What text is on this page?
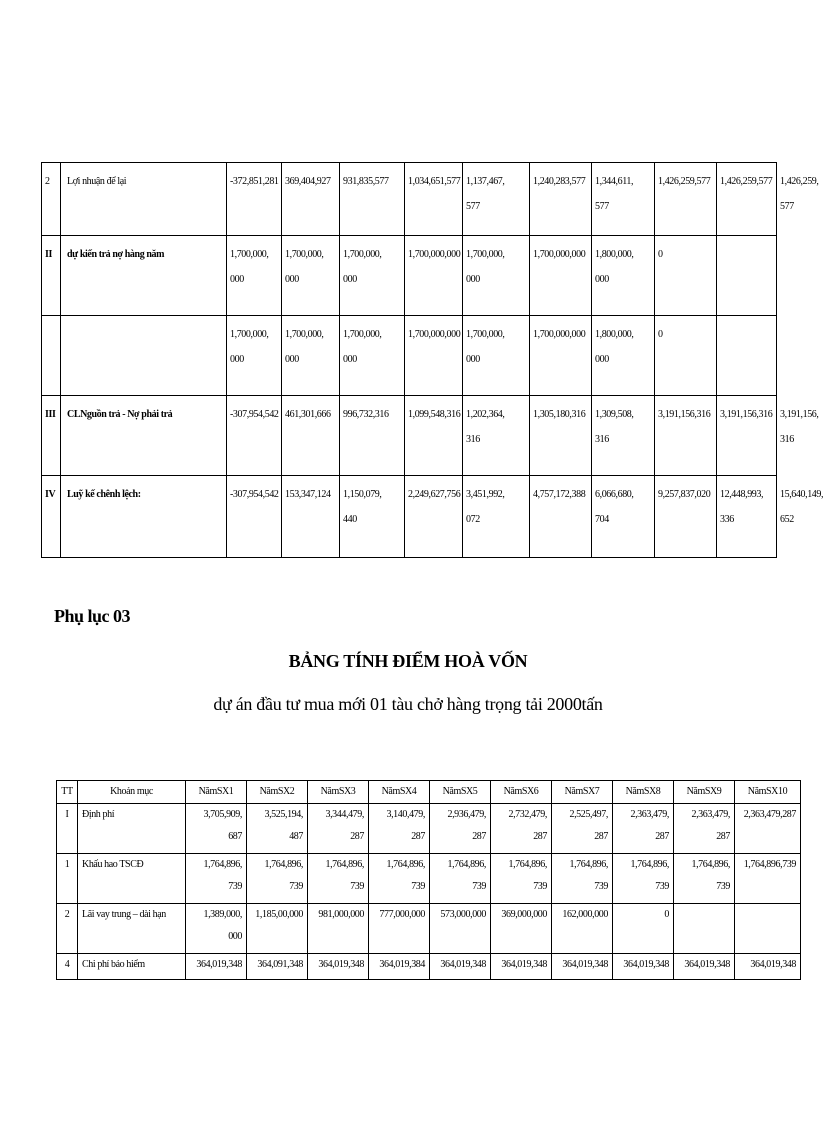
2	Lợi nhuận để lại	-372,851,281	369,404,927	931,835,577	1,034,651,577	1,137,467,
577	1,240,283,577	1,344,611,
577	1,426,259,577	1,426,259,577	1,426,259,
577
II	dự kiến trả nợ hàng năm	1,700,000,
000	1,700,000,
000	1,700,000,
000	1,700,000,000	1,700,000,
000	1,700,000,000	1,800,000,
000	0		
		1,700,000,
000	1,700,000,
000	1,700,000,
000	1,700,000,000	1,700,000,
000	1,700,000,000	1,800,000,
000	0		
III	CLNguồn trả - Nợ phải trả	-307,954,542	461,301,666	996,732,316	1,099,548,316	1,202,364,
316	1,305,180,316	1,309,508,
316	3,191,156,316	3,191,156,316	3,191,156,
316
IV	Luỹ kế chênh lệch:	-307,954,542	153,347,124	1,150,079,
440	2,249,627,756	3,451,992,
072	4,757,172,388	6,066,680,
704	9,257,837,020	12,448,993,
336	15,640,149,
652
Phụ lục 03
BẢNG TÍNH ĐIỂM HOÀ VỐN
dự án đầu tư mua mới 01 tàu chở hàng trọng tải 2000tấn
TT	Khoản mục	NămSX1	NămSX2	NămSX3	NămSX4	NămSX5	NămSX6	NămSX7	NămSX8	NămSX9	NămSX10
I	Định phí	3,705,909,
687	3,525,194,
487	3,344,479,
287	3,140,479,
287	2,936,479,
287	2,732,479,
287	2,525,497,
287	2,363,479,
287	2,363,479,
287	2,363,479,287
1	Khấu hao TSCĐ	1,764,896,
739	1,764,896,
739	1,764,896,
739	1,764,896,
739	1,764,896,
739	1,764,896,
739	1,764,896,
739	1,764,896,
739	1,764,896,
739	1,764,896,739
2	Lãi vay trung – dài hạn	1,389,000,
000	1,185,00,000	981,000,000	777,000,000	573,000,000	369,000,000	162,000,000	0		
4	Chi phí bảo hiểm	364,019,348	364,091,348	364,019,348	364,019,384	364,019,348	364,019,348	364,019,348	364,019,348	364,019,348	364,019,348
